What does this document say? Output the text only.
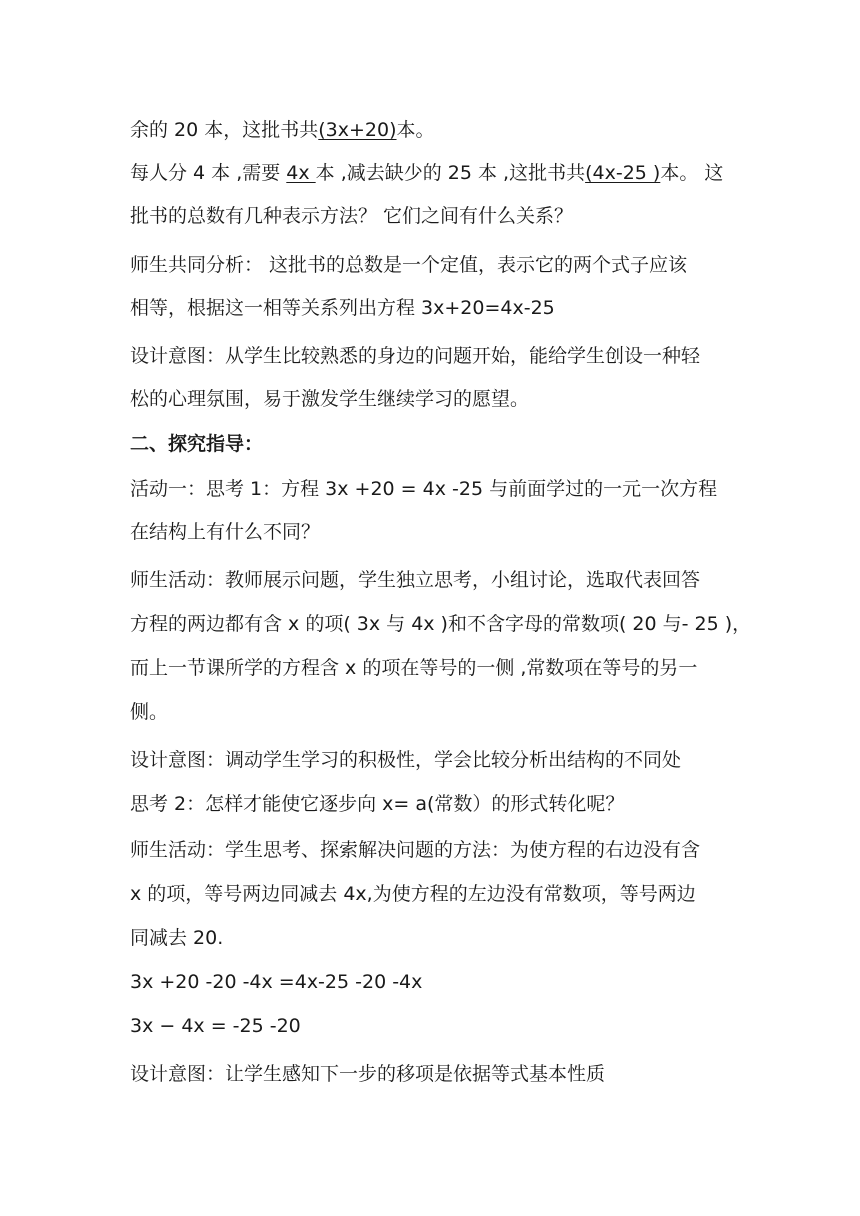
余的 20 本，这批书共(3x+20)本。
每人分 4 本 ,需要 4x 本 ,减去缺少的 25 本 ,这批书共(4x-25 )本。 这
批书的总数有几种表示方法？ 它们之间有什么关系？
师生共同分析： 这批书的总数是一个定值，表示它的两个式子应该
相等，根据这一相等关系列出方程 3x+20=4x-25
设计意图：从学生比较熟悉的身边的问题开始，能给学生创设一种轻
松的心理氛围，易于激发学生继续学习的愿望。
二、探究指导：
活动一：思考 1：方程 3x +20 = 4x -25 与前面学过的一元一次方程
在结构上有什么不同？
师生活动：教师展示问题，学生独立思考，小组讨论，选取代表回答
方程的两边都有含 x 的项( 3x 与 4x )和不含字母的常数项( 20 与- 25 )，
而上一节课所学的方程含 x 的项在等号的一侧 ,常数项在等号的另一
侧。
设计意图：调动学生学习的积极性，学会比较分析出结构的不同处
思考 2：怎样才能使它逐步向 x= a(常数）的形式转化呢？
师生活动：学生思考、探索解决问题的方法：为使方程的右边没有含
x 的项，等号两边同减去 4x,为使方程的左边没有常数项，等号两边
同减去 20.
3x +20 -20 -4x =4x-25 -20 -4x
3x − 4x = -25 -20
设计意图：让学生感知下一步的移项是依据等式基本性质
